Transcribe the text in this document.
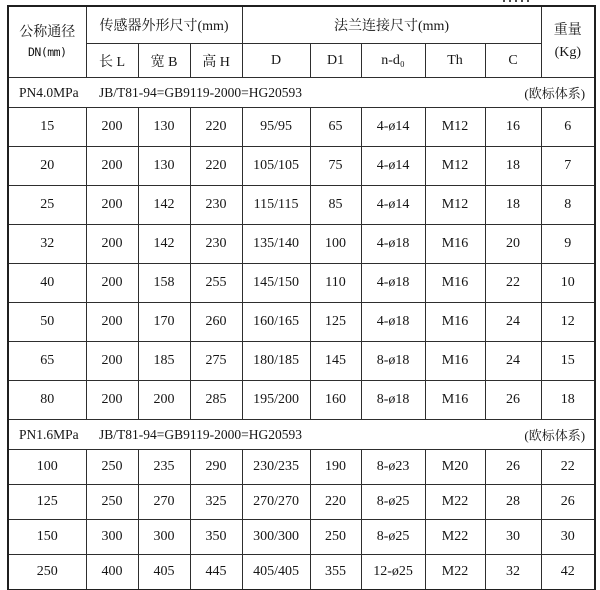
公称通径
DN(mm)
	传感器外形尺寸(mm)	法兰连接尺寸(mm)	重量
(Kg)

	长 L	宽 B	高 H	D	D1	n-d₀	Th	C	

PN4.0MPa JB/T81-94=GB9119-2000=HG20593 (欧标体系)									

15	200	130	220	95/95	65	4-ø14	M12	16	6
20	200	130	220	105/105	75	4-ø14	M12	18	7
25	200	142	230	115/115	85	4-ø14	M12	18	8
32	200	142	230	135/140	100	4-ø18	M16	20	9
40	200	158	255	145/150	110	4-ø18	M16	22	10
50	200	170	260	160/165	125	4-ø18	M16	24	12
65	200	185	275	180/185	145	8-ø18	M16	24	15
80	200	200	285	195/200	160	8-ø18	M16	26	18

PN1.6MPa JB/T81-94=GB9119-2000=HG20593 (欧标体系)									

100	250	235	290	230/235	190	8-ø23	M20	26	22
125	250	270	325	270/270	220	8-ø25	M22	28	26
150	300	300	350	300/300	250	8-ø25	M22	30	30
250	400	405	445	405/405	355	12-ø25	M22	32	42
